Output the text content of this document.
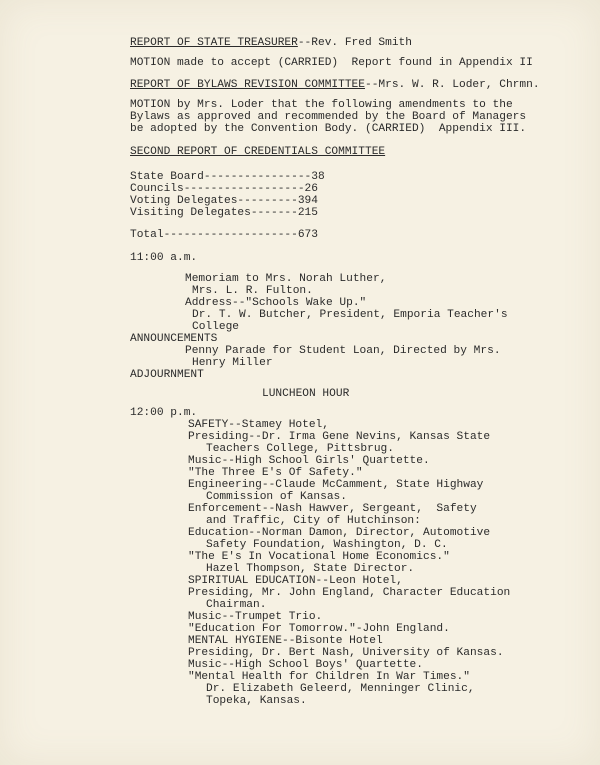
REPORT OF STATE TREASURER--Rev. Fred Smith

MOTION made to accept (CARRIED)  Report found in Appendix II

REPORT OF BYLAWS REVISION COMMITTEE--Mrs. W. R. Loder, Chrmn.

MOTION by Mrs. Loder that the following amendments to the

Bylaws as approved and recommended by the Board of Managers

be adopted by the Convention Body. (CARRIED)  Appendix III.

SECOND REPORT OF CREDENTIALS COMMITTEE

State Board----------------38

Councils------------------26

Voting Delegates---------394

Visiting Delegates-------215

Total--------------------673

11:00 a.m.

Memoriam to Mrs. Norah Luther,

Mrs. L. R. Fulton.

Address--"Schools Wake Up."

Dr. T. W. Butcher, President, Emporia Teacher's

College

ANNOUNCEMENTS

Penny Parade for Student Loan, Directed by Mrs.

Henry Miller

ADJOURNMENT

LUNCHEON HOUR

12:00 p.m.

SAFETY--Stamey Hotel,

Presiding--Dr. Irma Gene Nevins, Kansas State

Teachers College, Pittsbrug.

Music--High School Girls' Quartette.

"The Three E's Of Safety."

Engineering--Claude McCamment, State Highway

Commission of Kansas.

Enforcement--Nash Hawver, Sergeant,  Safety

and Traffic, City of Hutchinson:

Education--Norman Damon, Director, Automotive

Safety Foundation, Washington, D. C.

"The E's In Vocational Home Economics."

Hazel Thompson, State Director.

SPIRITUAL EDUCATION--Leon Hotel,

Presiding, Mr. John England, Character Education

Chairman.

Music--Trumpet Trio.

"Education For Tomorrow."-John England.

MENTAL HYGIENE--Bisonte Hotel

Presiding, Dr. Bert Nash, University of Kansas.

Music--High School Boys' Quartette.

"Mental Health for Children In War Times."

Dr. Elizabeth Geleerd, Menninger Clinic,

Topeka, Kansas.
